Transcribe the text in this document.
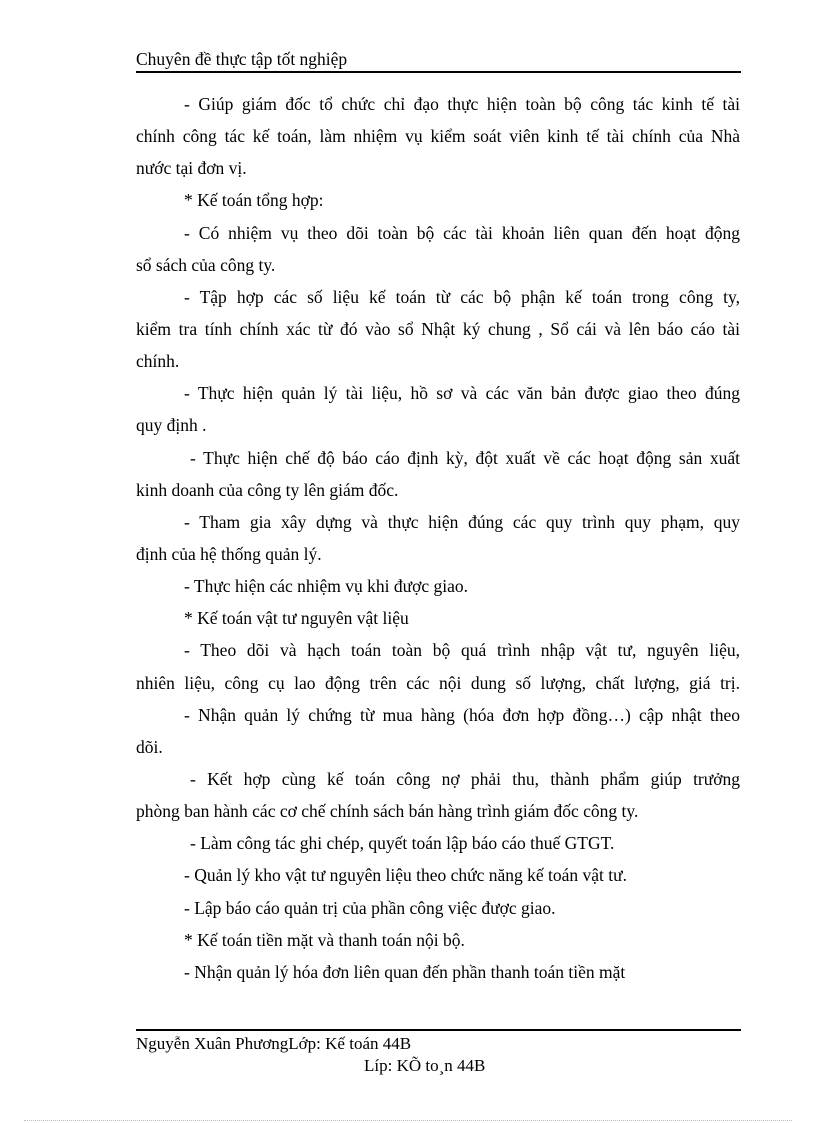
Chuyên đề thực tập tốt nghiệp
- Giúp giám đốc tổ chức chỉ đạo thực hiện toàn bộ công tác kinh tế tài
chính công tác kế toán, làm nhiệm vụ kiểm soát viên kinh tế tài chính của Nhà
nước tại đơn vị.
* Kế toán tổng hợp:
- Có nhiệm vụ theo dõi toàn bộ các tài khoản liên quan đến hoạt động
sổ sách của công ty.
- Tập hợp các số liệu kế toán từ các bộ phận kế toán trong công ty,
kiểm tra tính chính xác từ đó vào sổ Nhật ký chung , Sổ cái và lên báo cáo tài
chính.
- Thực hiện quản lý tài liệu, hồ sơ và các văn bản được giao theo đúng
quy định .
- Thực hiện chế độ báo cáo định kỳ, đột xuất về các hoạt động sản xuất
kinh doanh của công ty lên giám đốc.
- Tham gia xây dựng và thực hiện đúng các quy trình quy phạm, quy
định của hệ thống quản lý.
- Thực hiện các nhiệm vụ khi được giao.
* Kế toán vật tư nguyên vật liệu
- Theo dõi và hạch toán toàn bộ quá trình nhập vật tư, nguyên liệu,
nhiên liệu, công cụ lao động trên các nội dung số lượng, chất lượng, giá trị.
- Nhận quản lý chứng từ mua hàng (hóa đơn hợp đồng…) cập nhật theo
dõi.
- Kết hợp cùng kế toán công nợ phải thu, thành phẩm giúp trưởng
phòng ban hành các cơ chế chính sách bán hàng trình giám đốc công ty.
- Làm công tác ghi chép, quyết toán lập báo cáo thuế GTGT.
- Quản lý kho vật tư nguyên liệu theo chức năng kế toán vật tư.
- Lập báo cáo quản trị của phần công việc được giao.
* Kế toán tiền mặt và thanh toán nội bộ.
- Nhận quản lý hóa đơn liên quan đến phần thanh toán tiền mặt
Nguyễn Xuân PhươngLớp: Kế toán 44B
Líp: KÕ to¸n 44B
